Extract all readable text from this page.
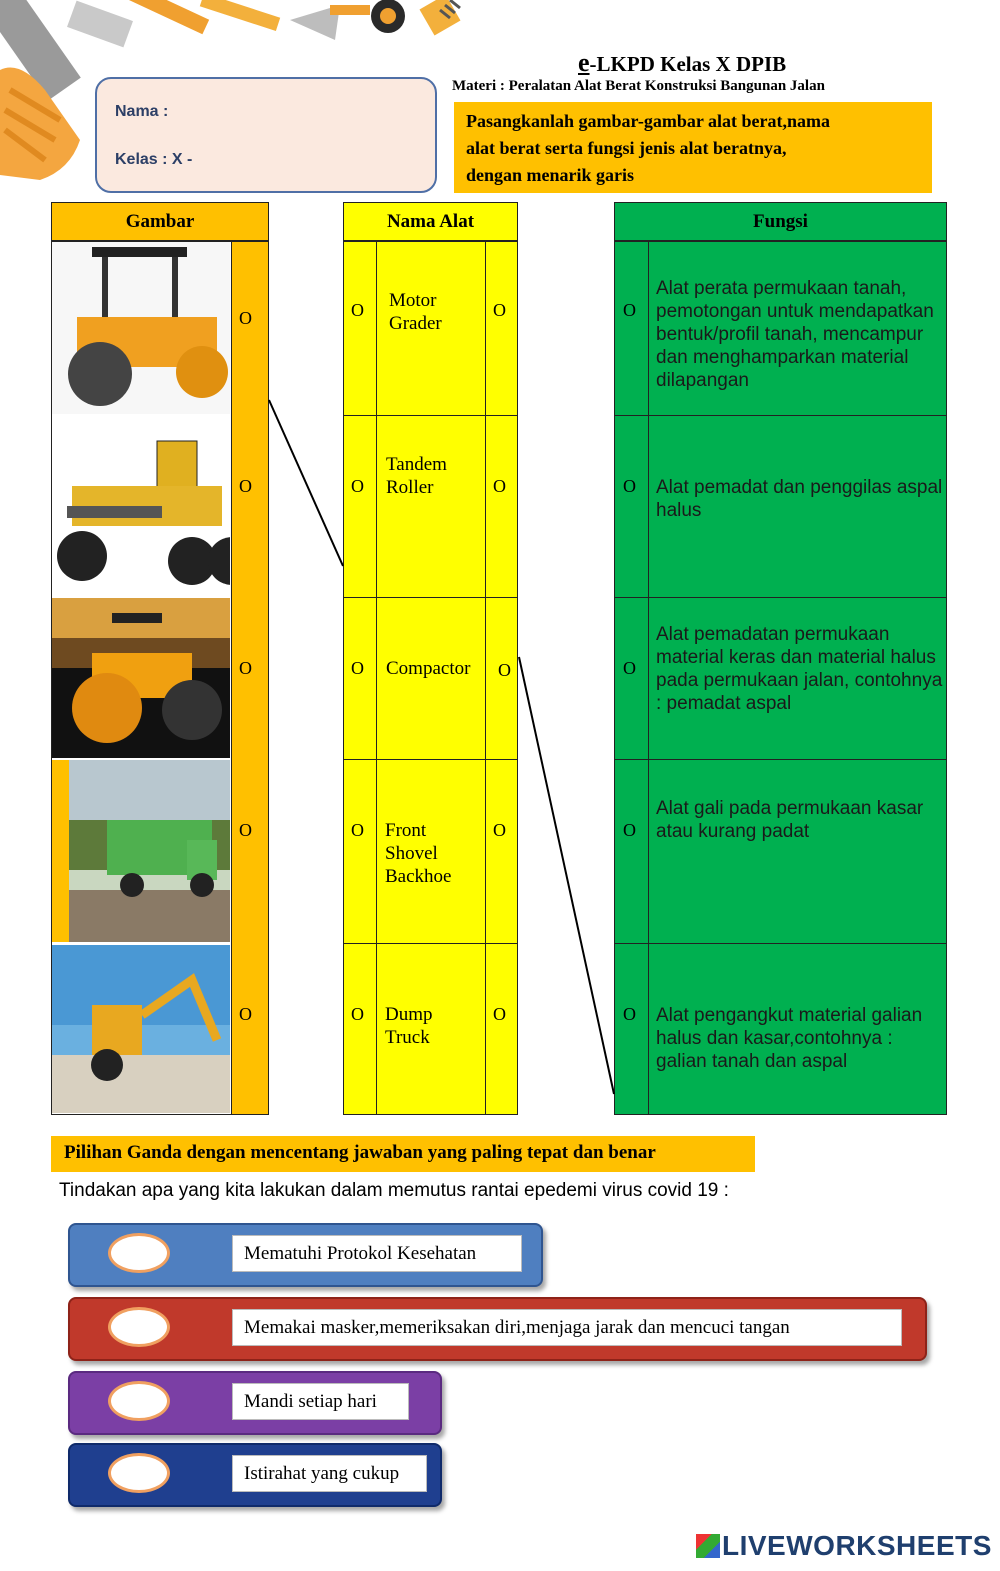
e-LKPD Kelas X DPIB
Materi : Peralatan Alat Berat Konstruksi Bangunan Jalan
Nama :
Kelas : X -
Pasangkanlah gambar-gambar alat berat,nama
alat berat serta fungsi jenis alat beratnya,
dengan menarik garis
Gambar
O
O
O
O
O
Nama Alat
O
O
O
O
O
O
O
O
O
O
Motor
Grader
Tandem
Roller
Compactor
Front
Shovel
Backhoe
Dump
Truck
Fungsi
O
O
O
O
O
Alat perata permukaan tanah, pemotongan untuk mendapatkan bentuk/profil tanah, mencampur dan menghamparkan material dilapangan
Alat pemadat dan penggilas aspal halus
Alat pemadatan permukaan material keras dan material halus pada permukaan jalan, contohnya : pemadat aspal
Alat gali pada permukaan kasar atau kurang padat
Alat pengangkut material galian halus dan kasar,contohnya : galian tanah dan aspal
Pilihan Ganda dengan mencentang jawaban yang paling tepat dan benar
Tindakan apa yang kita lakukan dalam memutus rantai epedemi virus covid 19 :
Mematuhi Protokol Kesehatan
Memakai masker,memeriksakan diri,menjaga jarak dan mencuci tangan
Mandi setiap hari
Istirahat yang cukup
LIVEWORKSHEETS
